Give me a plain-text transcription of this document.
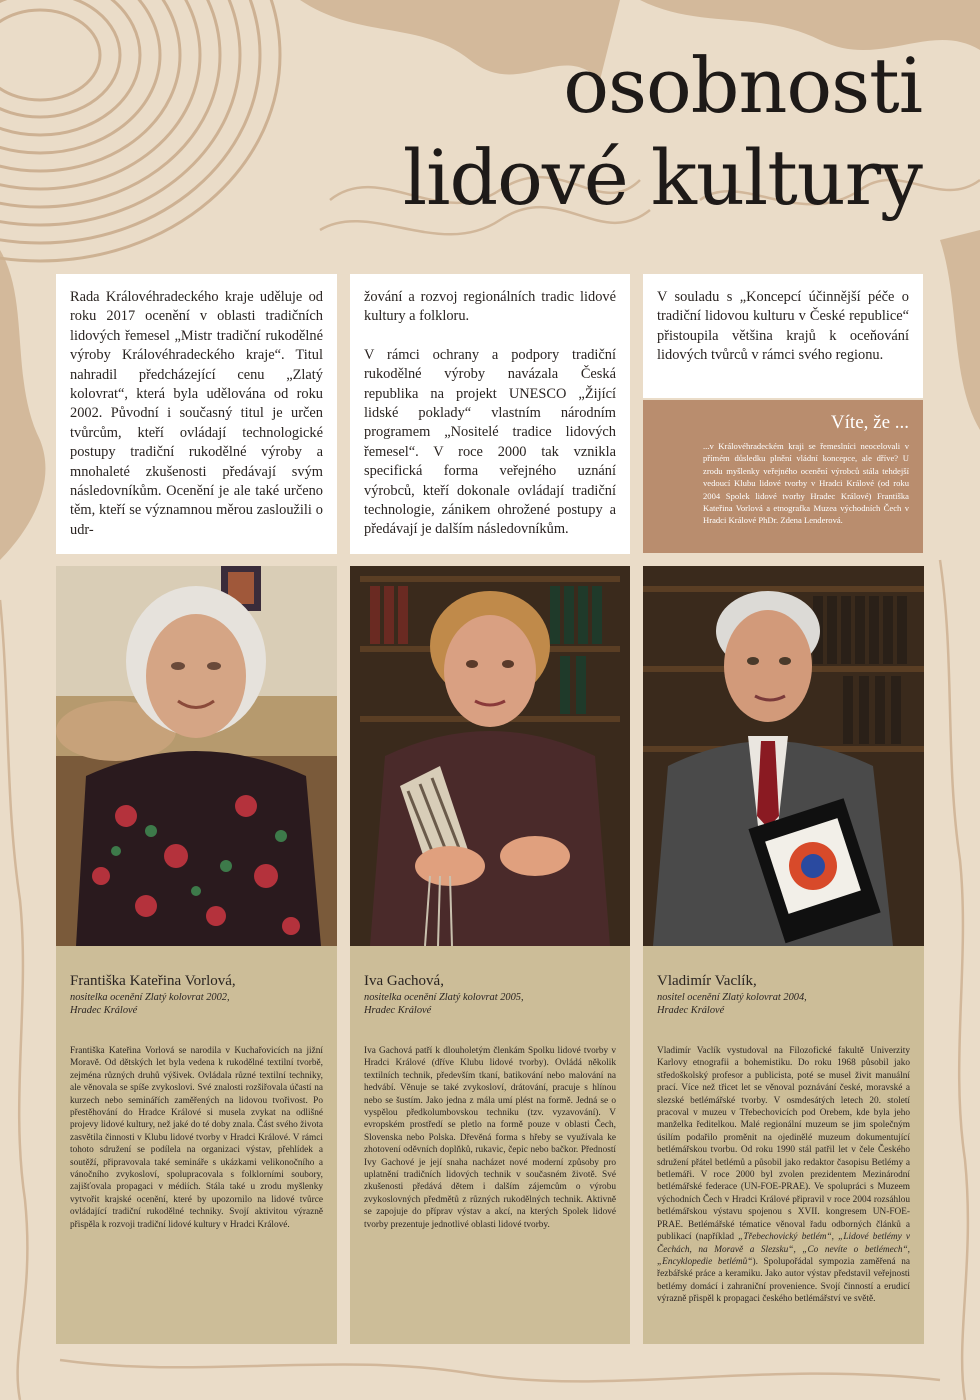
osobnosti
lidové kultury

Rada Královéhradeckého kraje uděluje od roku 2017 ocenění v oblasti tradičních lidových řemesel „Mistr tradiční rukodělné výroby Královéhradeckého kraje“. Titul nahradil předcházející cenu „Zlatý kolovrat“, která byla udělována od roku 2002. Původní i současný titul je určen tvůrcům, kteří ovládají technologické postupy tradiční rukodělné výroby a mnohaleté zkušenosti předávají svým následovníkům. Ocenění je ale také určeno těm, kteří se významnou měrou zasloužili o udr-

žování a rozvoj regionálních tradic lidové kultury a folkloru.

V rámci ochrany a podpory tradiční rukodělné výroby navázala Česká republika na projekt UNESCO „Žijící lidské poklady“ vlastním národním programem „Nositelé tradice lidových řemesel“. V roce 2000 tak vznikla specifická forma veřejného uznání výrobců, kteří dokonale ovládají tradiční technologie, zánikem ohrožené postupy a předávají je dalším následovníkům.

V souladu s „Koncepcí účinnější péče o tradiční lidovou kulturu v České republice“ přistoupila většina krajů k oceňování lidových tvůrců v rámci svého regionu.

Víte, že ...

...v Královéhradeckém kraji se řemeslníci neocelovali v přímém důsledku plnění vládní koncepce, ale dříve? U zrodu myšlenky veřejného ocenění výrobců stála tehdejší vedoucí Klubu lidové tvorby v Hradci Králové (od roku 2004 Spolek lidové tvorby Hradec Králové) Františka Kateřina Vorlová a etnografka Muzea východních Čech v Hradci Králové PhDr. Zdena Lenderová.

Františka Kateřina Vorlová,
nositelka ocenění Zlatý kolovrat 2002,
Hradec Králové

Františka Kateřina Vorlová se narodila v Kuchařovicích na jižní Moravě. Od dětských let byla vedena k rukodělné textilní tvorbě, zejména různých druhů výšivek. Ovládala různé textilní techniky, ale věnovala se spíše zvykoslovi. Své znalosti rozšiřovala účastí na kurzech nebo seminářích zaměřených na lidovou tvořivost. Po přestěhování do Hradce Králové si musela zvykat na odlišné projevy lidové kultury, než jaké do té doby znala. Část svého života zasvětila činnosti v Klubu lidové tvorby v Hradci Králové. V rámci tohoto sdružení se podílela na organizaci výstav, přehlídek a soutěží, připravovala také semináře s ukázkami velikonočního a vánočního zvykosloví, spolupracovala s folklorními soubory, zajišťovala propagaci v médiích. Stála také u zrodu myšlenky vytvořit krajské ocenění, které by upozornilo na lidové tvůrce ovládající tradiční rukodělné techniky. Svojí aktivitou výrazně přispěla k rozvoji tradiční lidové kultury v Hradci Králové.

Iva Gachová,
nositelka ocenění Zlatý kolovrat 2005,
Hradec Králové

Iva Gachová patří k dlouholetým členkám Spolku lidové tvorby v Hradci Králové (dříve Klubu lidové tvorby). Ovládá několik textilních technik, především tkaní, batikování nebo malování na hedvábí. Věnuje se také zvykosloví, drátování, pracuje s hlínou nebo se šustím. Jako jedna z mála umí plést na formě. Jedná se o vyspělou předkolumbovskou techniku (tzv. vyzavování). V evropském prostředí se pletlo na formě pouze v oblasti Čech, Slovenska nebo Polska. Dřevěná forma s hřeby se využívala ke zhotovení oděvních doplňků, rukavic, čepic nebo bačkor. Předností Ivy Gachové je její snaha nacházet nové moderní způsoby pro uplatnění tradičních lidových technik v současném životě. Své zkušenosti předává dětem i dalším zájemcům o výrobu zvykoslovných předmětů z různých rukodělných technik. Aktivně se zapojuje do příprav výstav a akcí, na kterých Spolek lidové tvorby prezentuje jednotlivé oblasti lidové tvorby.

Vladimír Vaclík,
nositel ocenění Zlatý kolovrat 2004,
Hradec Králové

Vladimír Vaclík vystudoval na Filozofické fakultě Univerzity Karlovy etnografii a bohemistiku. Do roku 1968 působil jako středoškolský profesor a publicista, poté se musel živit manuální prací. Více než třicet let se věnoval poznávání české, moravské a slezské betlémářské tvorby. V osmdesátých letech 20. století pracoval v muzeu v Třebechovicích pod Orebem, kde byla jeho manželka ředitelkou. Malé regionální muzeum se jim společným úsilím podařilo proměnit na ojedinělé muzeum dokumentující betlémářskou tvorbu. Od roku 1990 stál patřil let v čele Českého sdružení přátel betlémů a působil jako redaktor časopisu Betlémy a betlemáři. V roce 2000 byl zvolen prezidentem Mezinárodní betlémářské federace (UN-FOE-PRAE). Ve spolupráci s Muzeem východních Čech v Hradci Králové připravil v roce 2004 rozsáhlou betlémářskou výstavu spojenou s XVII. kongresem UN-FOE-PRAE. Betlémářské tématice věnoval řadu odborných článků a publikací (například „Třebechovický betlém“, „Lidové betlémy v Čechách, na Moravě a Slezsku“, „Co nevíte o betlémech“, „Encyklopedie betlémů“). Spolupořádal sympozia zaměřená na řezbářské práce a keramiku. Jako autor výstav představil veřejnosti betlémy domácí i zahraniční provenience. Svojí činností a erudicí výrazně přispěl k propagaci českého betlémářství ve světě.
